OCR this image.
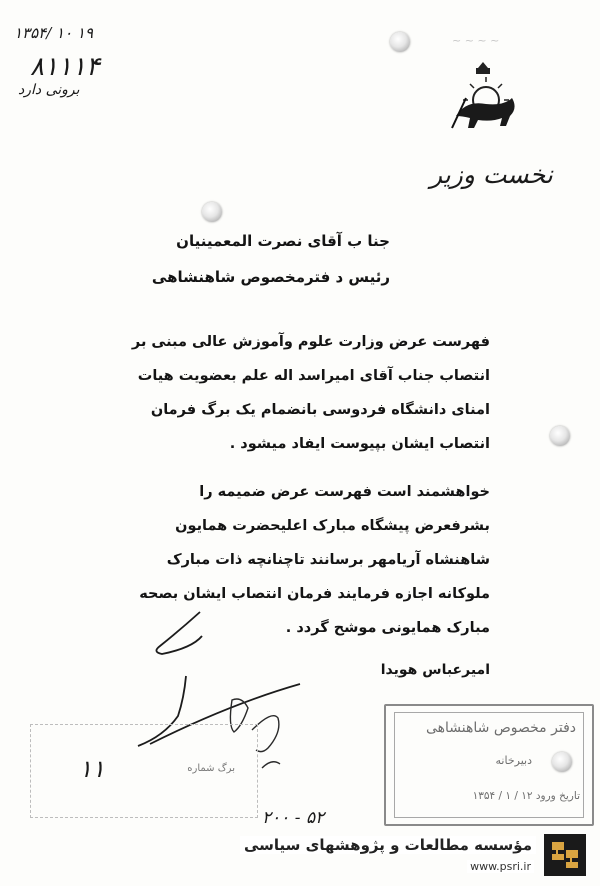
۱۳۵۴/ ۱۰ ۱۹
۸۱۱۱۴
برونی دارد
~ ~ ~ ~
نخست وزیر
جنا ب آقای نصرت المعمینیان
رئیس د فترمخصوص شاهنشاهی
فهرست عرض وزارت علوم وآموزش عالی مبنی بر
انتصاب جناب آقای امیراسد اله علم بعضویت هیات
امنای دانشگاه فردوسی بانضمام یک برگ فرمان
انتصاب ایشان بپیوست ایفاد میشود .
خواهشمند است فهرست عرض ضمیمه را
بشرفعرض پیشگاه مبارک اعلیحضرت همایون
شاهنشاه آریامهر برسانند تاچنانچه ذات مبارک
ملوکانه اجازه فرمایند فرمان انتصاب ایشان بصحه
مبارک همایونی موشح گردد .
امیرعباس هویدا
برگ شماره
۱۱
دفتر مخصوص شاهنشاهی
دبیرخانه
تاریخ ورود ۱۲ / ۱ / ۱۳۵۴
۲۰۰ - ۵۲
مؤسسه مطالعات و پژوهشهای سیاسی
www.psri.ir
